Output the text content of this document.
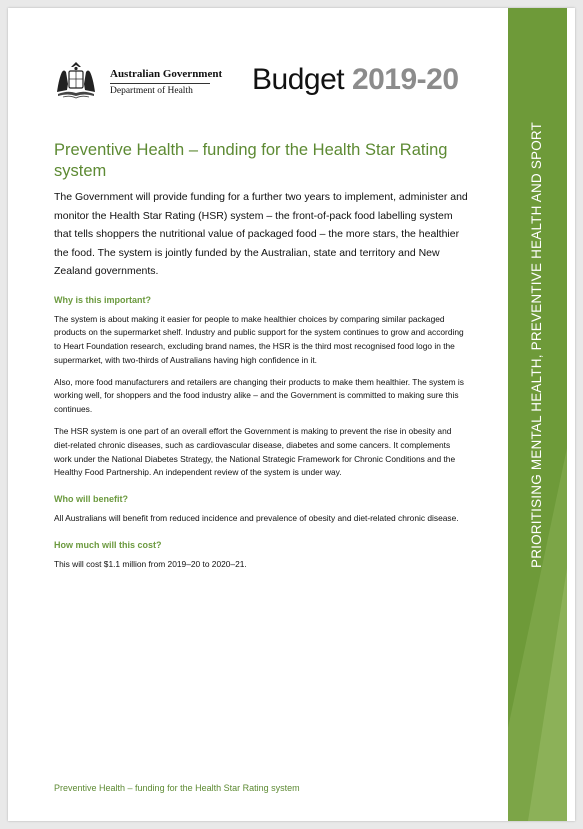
Australian Government
Department of Health Budget 2019-20
Preventive Health – funding for the Health Star Rating system

The Government will provide funding for a further two years to implement, administer and monitor the Health Star Rating (HSR) system – the front-of-pack food labelling system that tells shoppers the nutritional value of packaged food – the more stars, the healthier the food. The system is jointly funded by the Australian, state and territory and New Zealand governments.

Why is this important?

The system is about making it easier for people to make healthier choices by comparing similar packaged products on the supermarket shelf. Industry and public support for the system continues to grow and according to Heart Foundation research, excluding brand names, the HSR is the third most recognised food logo in the supermarket, with two-thirds of Australians having high confidence in it.

Also, more food manufacturers and retailers are changing their products to make them healthier. The system is working well, for shoppers and the food industry alike – and the Government is committed to making sure this continues.

The HSR system is one part of an overall effort the Government is making to prevent the rise in obesity and diet-related chronic diseases, such as cardiovascular disease, diabetes and some cancers. It complements work under the National Diabetes Strategy, the National Strategic Framework for Chronic Conditions and the Healthy Food Partnership. An independent review of the system is under way.

Who will benefit?

All Australians will benefit from reduced incidence and prevalence of obesity and diet-related chronic disease.

How much will this cost?

This will cost $1.1 million from 2019–20 to 2020–21.

Preventive Health – funding for the Health Star Rating system
PRIORITISING MENTAL HEALTH, PREVENTIVE HEALTH AND SPORT
